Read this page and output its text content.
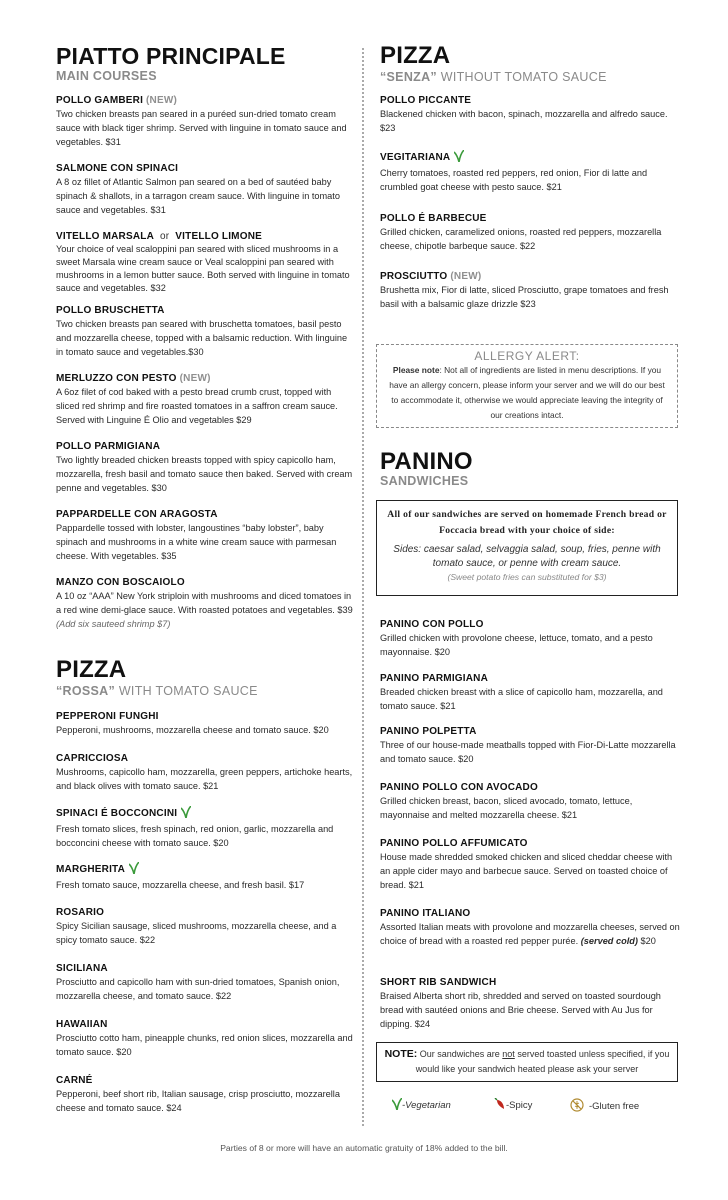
PIATTO PRINCIPALE
MAIN COURSES
POLLO GAMBERI (NEW)
Two chicken breasts pan seared in a puréed sun-dried tomato cream sauce with black tiger shrimp. Served with linguine in tomato sauce and vegetables. $31
SALMONE CON SPINACI
A 8 oz fillet of Atlantic Salmon pan seared on a bed of sautéed baby spinach & shallots, in a tarragon cream sauce. With linguine in tomato sauce and vegetables. $31
VITELLO MARSALA or VITELLO LIMONE
Your choice of veal scaloppini pan seared with sliced mushrooms in a sweet Marsala wine cream sauce or Veal scaloppini pan seared with mushrooms in a lemon butter sauce. Both served with linguine in tomato sauce and vegetables. $32
POLLO BRUSCHETTA
Two chicken breasts pan seared with bruschetta tomatoes, basil pesto and mozzarella cheese, topped with a balsamic reduction. With linguine in tomato sauce and vegetables.$30
MERLUZZO CON PESTO (NEW)
A 6oz filet of cod baked with a pesto bread crumb crust, topped with sliced red shrimp and fire roasted tomatoes in a saffron cream sauce. Served with Linguine É Olio and vegetables $29
POLLO PARMIGIANA
Two lightly breaded chicken breasts topped with spicy capicollo ham, mozzarella, fresh basil and tomato sauce then baked. Served with cream penne and vegetables. $30
PAPPARDELLE CON ARAGOSTA
Pappardelle tossed with lobster, langoustines “baby lobster”, baby spinach and mushrooms in a white wine cream sauce with parmesan cheese. With vegetables. $35
MANZO CON BOSCAIOLO
A 10 oz “AAA” New York striploin with mushrooms and diced tomatoes in a red wine demi-glace sauce. With roasted potatoes and vegetables. $39 (Add six sauteed shrimp $7)
PIZZA
“ROSSA” WITH TOMATO SAUCE
PEPPERONI FUNGHI
Pepperoni, mushrooms, mozzarella cheese and tomato sauce. $20
CAPRICCIOSA
Mushrooms, capicollo ham, mozzarella, green peppers, artichoke hearts, and black olives with tomato sauce. $21
SPINACI É BOCCONCINI
Fresh tomato slices, fresh spinach, red onion, garlic, mozzarella and bocconcini cheese with tomato sauce. $20
MARGHERITA
Fresh tomato sauce, mozzarella cheese, and fresh basil. $17
ROSARIO
Spicy Sicilian sausage, sliced mushrooms, mozzarella cheese, and a spicy tomato sauce. $22
SICILIANA
Prosciutto and capicollo ham with sun-dried tomatoes, Spanish onion, mozzarella cheese, and tomato sauce. $22
HAWAIIAN
Prosciutto cotto ham, pineapple chunks, red onion slices, mozzarella and tomato sauce. $20
CARNÉ
Pepperoni, beef short rib, Italian sausage, crisp prosciutto, mozzarella cheese and tomato sauce. $24
PIZZA
“SENZA” WITHOUT TOMATO SAUCE
POLLO PICCANTE
Blackened chicken with bacon, spinach, mozzarella and alfredo sauce. $23
VEGITARIANA
Cherry tomatoes, roasted red peppers, red onion, Fior di latte and crumbled goat cheese with pesto sauce. $21
POLLO É BARBECUE
Grilled chicken, caramelized onions, roasted red peppers, mozzarella cheese, chipotle barbeque sauce. $22
PROSCIUTTO (NEW)
Brushetta mix, Fior di latte, sliced Prosciutto, grape tomatoes and fresh basil with a balsamic glaze drizzle $23
ALLERGY ALERT:
Please note: Not all of ingredients are listed in menu descriptions. If you have an allergy concern, please inform your server and we will do our best to accommodate it, otherwise we would appreciate leaving the integrity of our creations intact.
PANINO
SANDWICHES
All of our sandwiches are served on homemade French bread or Foccacia bread with your choice of side:
Sides: caesar salad, selvaggia salad, soup, fries, penne with tomato sauce, or penne with cream sauce.
(Sweet potato fries can substituted for $3)
PANINO CON POLLO
Grilled chicken with provolone cheese, lettuce, tomato, and a pesto mayonnaise. $20
PANINO PARMIGIANA
Breaded chicken breast with a slice of capicollo ham, mozzarella, and tomato sauce. $21
PANINO POLPETTA
Three of our house-made meatballs topped with Fior-Di-Latte mozzarella and tomato sauce. $20
PANINO POLLO CON AVOCADO
Grilled chicken breast, bacon, sliced avocado, tomato, lettuce, mayonnaise and melted mozzarella cheese. $21
PANINO POLLO AFFUMICATO
House made shredded smoked chicken and sliced cheddar cheese with an apple cider mayo and barbecue sauce. Served on toasted choice of bread. $21
PANINO ITALIANO
Assorted Italian meats with provolone and mozzarella cheeses, served on choice of bread with a roasted red pepper purée. (served cold) $20
SHORT RIB SANDWICH
Braised Alberta short rib, shredded and served on toasted sourdough bread with sautéed onions and Brie cheese. Served with Au Jus for dipping. $24
NOTE: Our sandwiches are not served toasted unless specified, if you would like your sandwich heated please ask your server
-Vegetarian	-Spicy	-Gluten free
Parties of 8 or more will have an automatic gratuity of 18% added to the bill.
